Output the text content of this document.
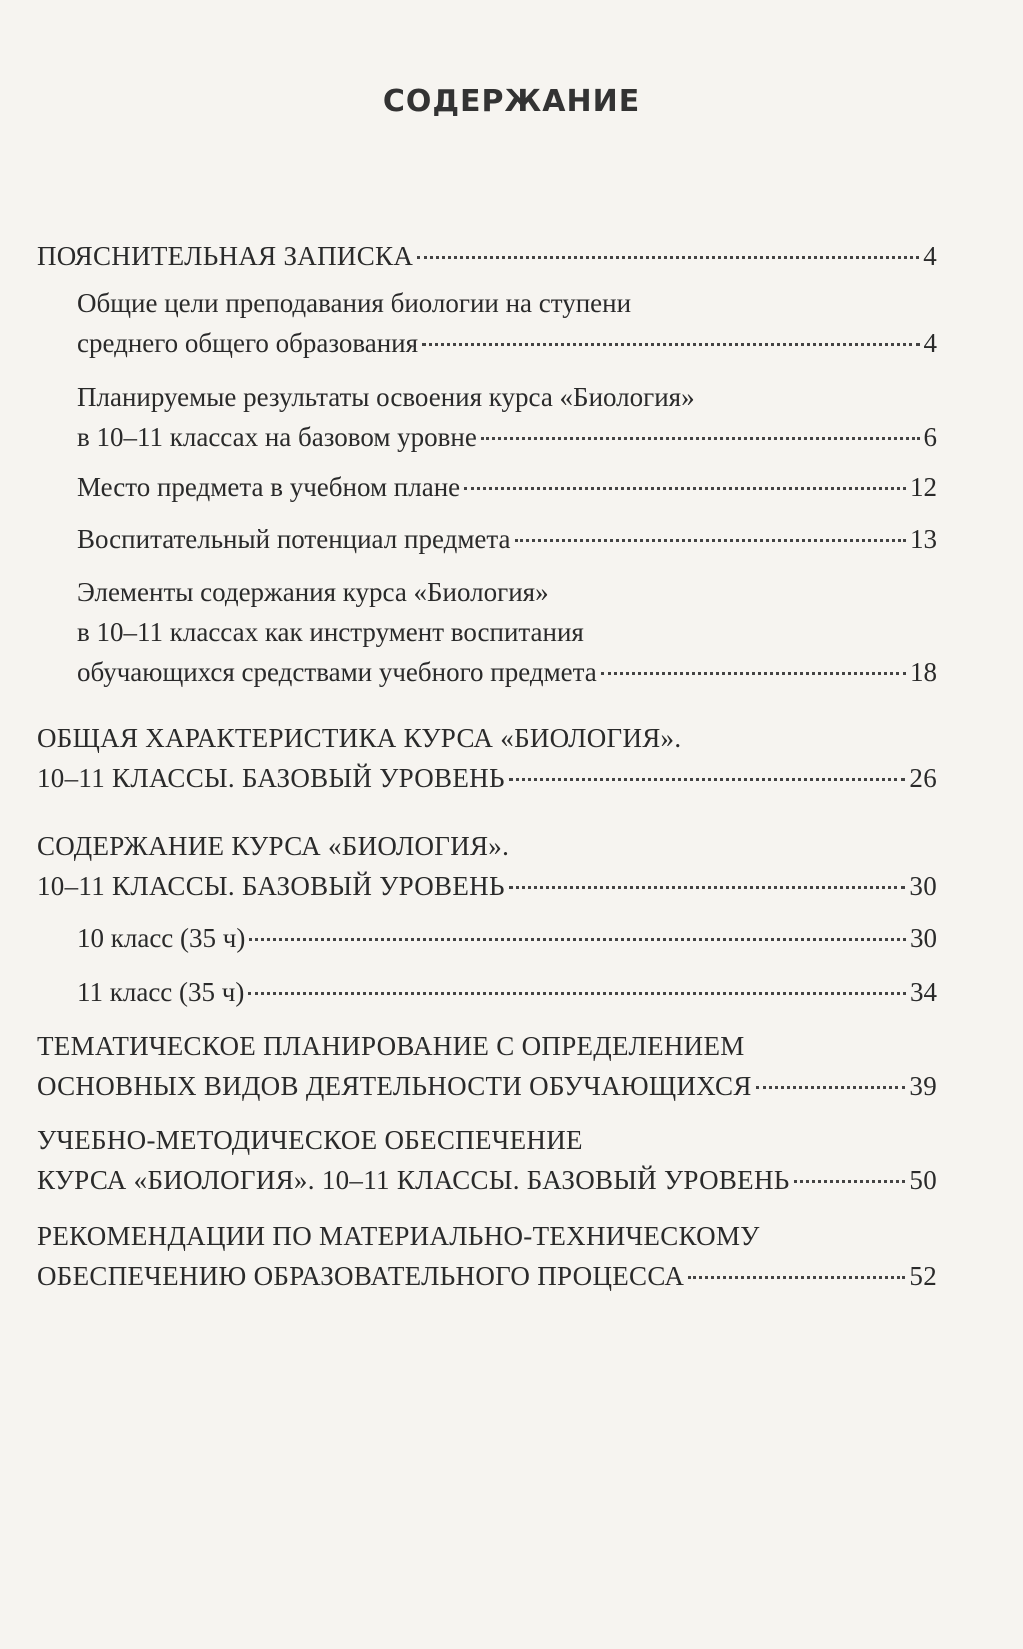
СОДЕРЖАНИЕ
ПОЯСНИТЕЛЬНАЯ ЗАПИСКА	4
Общие цели преподавания биологии на ступени
среднего общего образования	4
Планируемые результаты освоения курса «Биология»
в 10–11 классах на базовом уровне	6
Место предмета в учебном плане	12
Воспитательный потенциал предмета	13
Элементы содержания курса «Биология»
в 10–11 классах как инструмент воспитания
обучающихся средствами учебного предмета	18
ОБЩАЯ ХАРАКТЕРИСТИКА КУРСА «БИОЛОГИЯ».
10–11 КЛАССЫ. БАЗОВЫЙ УРОВЕНЬ	26
СОДЕРЖАНИЕ КУРСА «БИОЛОГИЯ».
10–11 КЛАССЫ. БАЗОВЫЙ УРОВЕНЬ	30
10 класс (35 ч)	30
11 класс (35 ч)	34
ТЕМАТИЧЕСКОЕ ПЛАНИРОВАНИЕ С ОПРЕДЕЛЕНИЕМ
ОСНОВНЫХ ВИДОВ ДЕЯТЕЛЬНОСТИ ОБУЧАЮЩИХСЯ	39
УЧЕБНО-МЕТОДИЧЕСКОЕ ОБЕСПЕЧЕНИЕ
КУРСА «БИОЛОГИЯ». 10–11 КЛАССЫ. БАЗОВЫЙ УРОВЕНЬ	50
РЕКОМЕНДАЦИИ ПО МАТЕРИАЛЬНО-ТЕХНИЧЕСКОМУ
ОБЕСПЕЧЕНИЮ ОБРАЗОВАТЕЛЬНОГО ПРОЦЕССА	52
